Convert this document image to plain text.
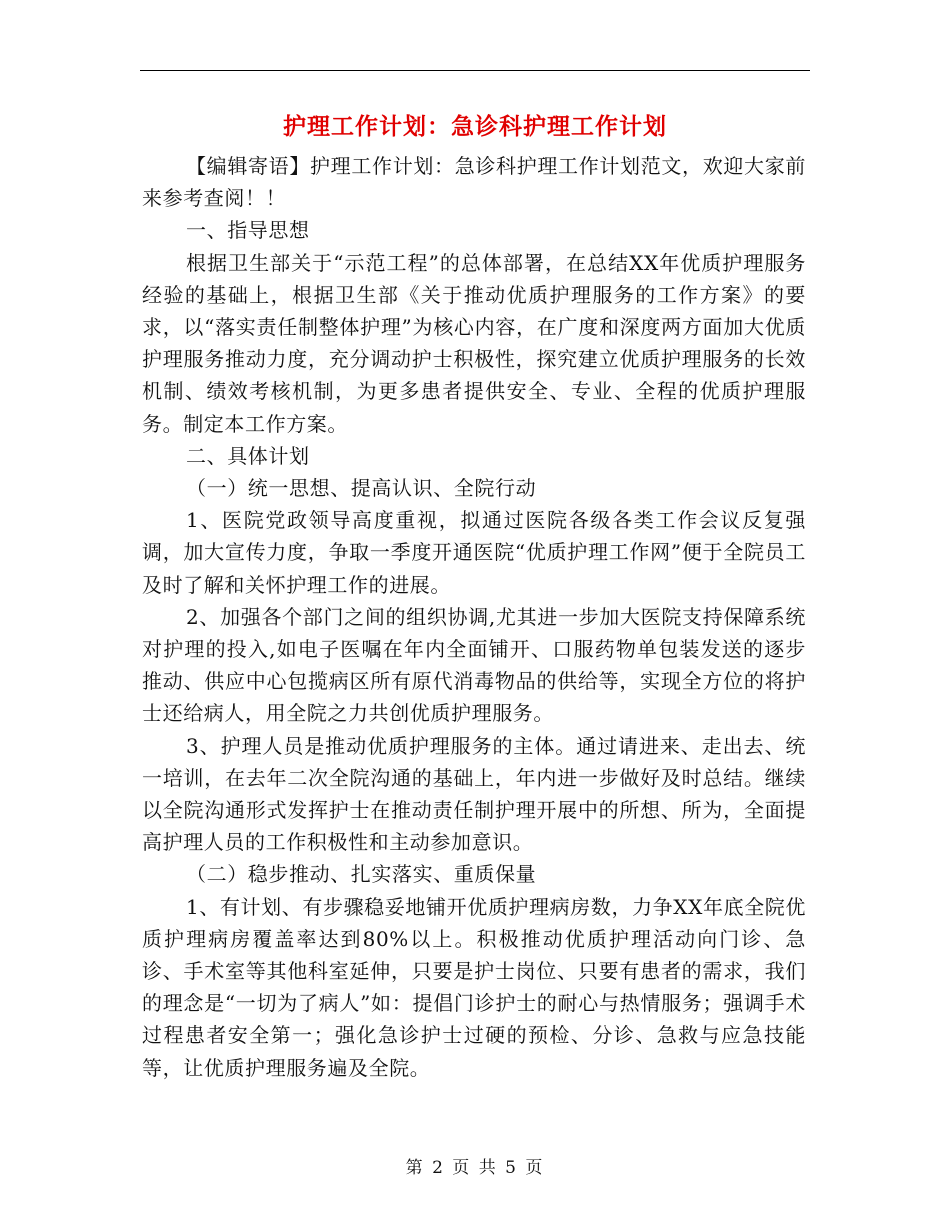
护理工作计划：急诊科护理工作计划

【编辑寄语】护理工作计划：急诊科护理工作计划范文，欢迎大家前来参考查阅！！

一、指导思想

根据卫生部关于“示范工程”的总体部署，在总结XX年优质护理服务经验的基础上，根据卫生部《关于推动优质护理服务的工作方案》的要求，以“落实责任制整体护理”为核心内容，在广度和深度两方面加大优质护理服务推动力度，充分调动护士积极性，探究建立优质护理服务的长效机制、绩效考核机制，为更多患者提供安全、专业、全程的优质护理服务。制定本工作方案。

二、具体计划

（一）统一思想、提高认识、全院行动

1、医院党政领导高度重视，拟通过医院各级各类工作会议反复强调，加大宣传力度，争取一季度开通医院“优质护理工作网”便于全院员工及时了解和关怀护理工作的进展。

2、加强各个部门之间的组织协调,尤其进一步加大医院支持保障系统对护理的投入,如电子医嘱在年内全面铺开、口服药物单包装发送的逐步推动、供应中心包揽病区所有原代消毒物品的供给等，实现全方位的将护士还给病人，用全院之力共创优质护理服务。

3、护理人员是推动优质护理服务的主体。通过请进来、走出去、统一培训，在去年二次全院沟通的基础上，年内进一步做好及时总结。继续以全院沟通形式发挥护士在推动责任制护理开展中的所想、所为，全面提高护理人员的工作积极性和主动参加意识。

（二）稳步推动、扎实落实、重质保量

1、有计划、有步骤稳妥地铺开优质护理病房数，力争XX年底全院优质护理病房覆盖率达到80%以上。积极推动优质护理活动向门诊、急诊、手术室等其他科室延伸，只要是护士岗位、只要有患者的需求，我们的理念是“一切为了病人”如：提倡门诊护士的耐心与热情服务；强调手术过程患者安全第一；强化急诊护士过硬的预检、分诊、急救与应急技能等，让优质护理服务遍及全院。

第 2 页 共 5 页
